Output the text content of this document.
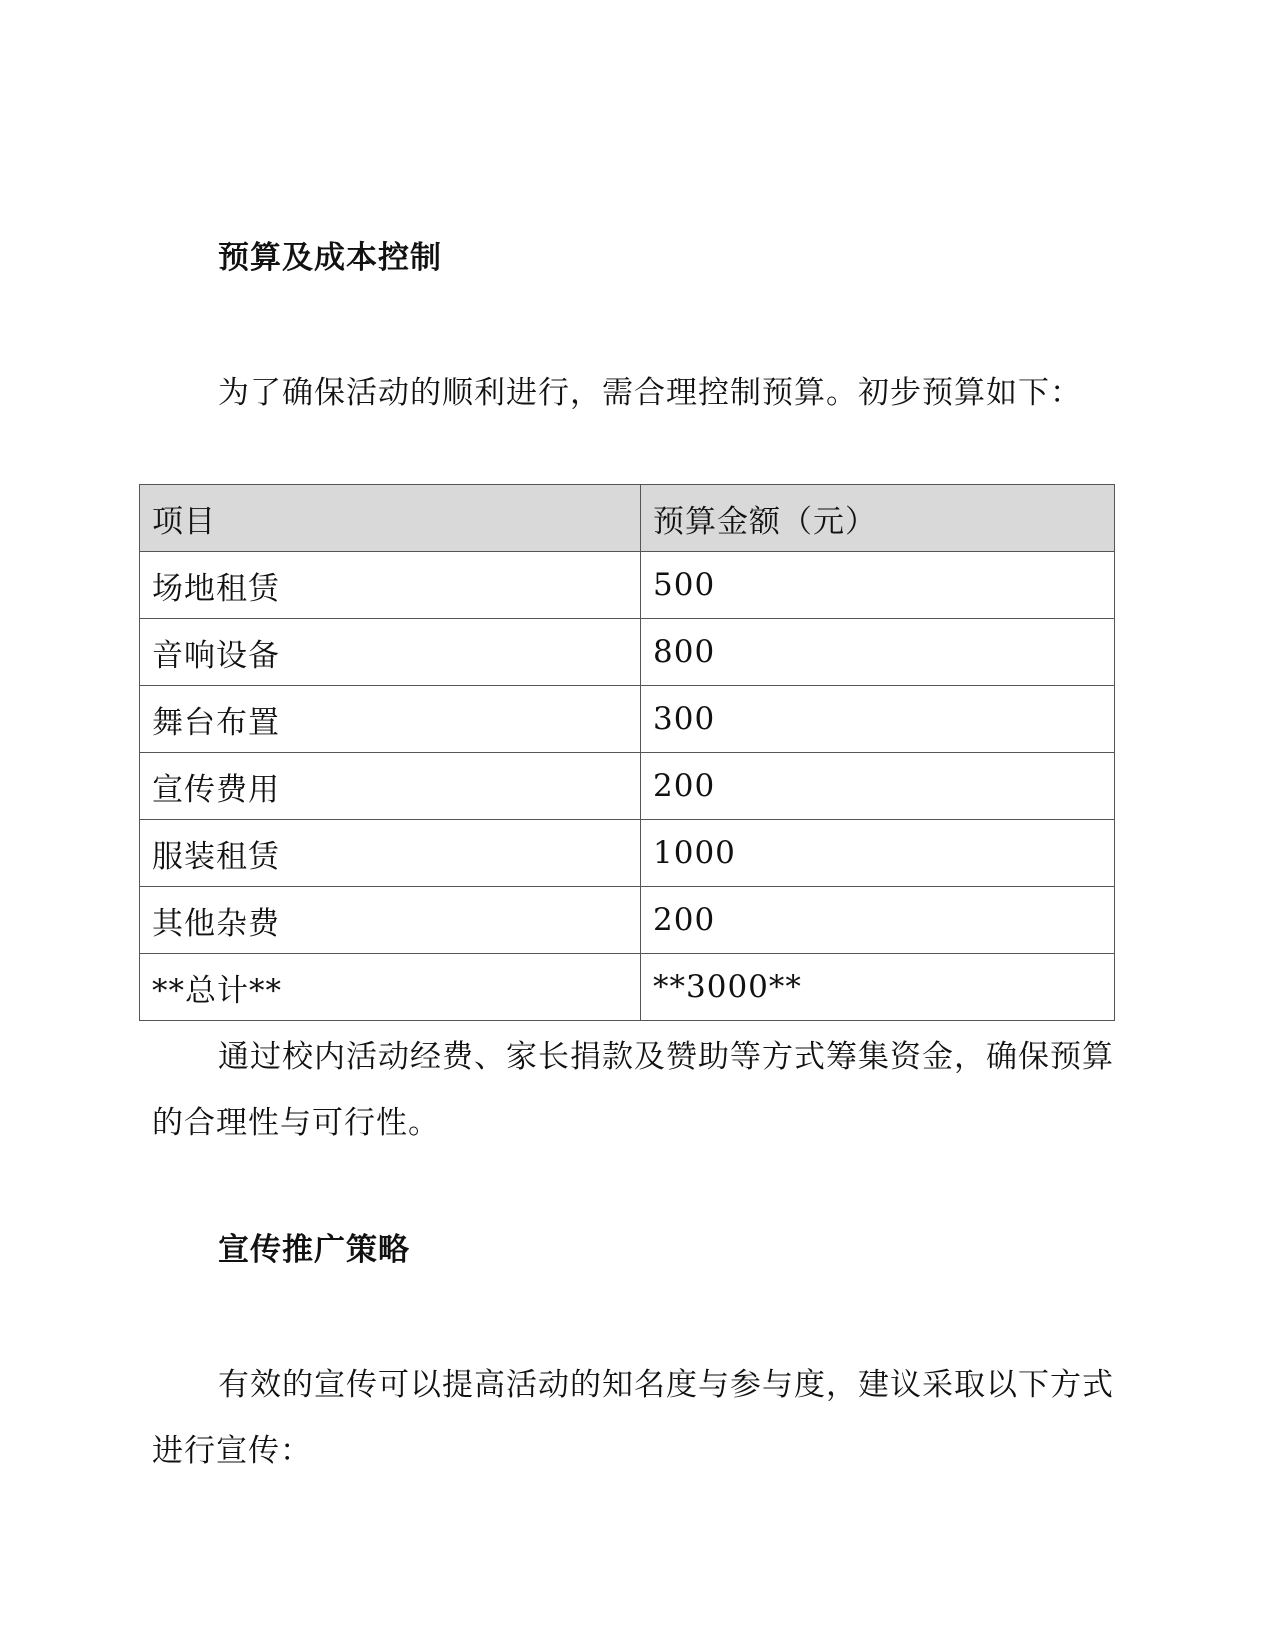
预算及成本控制

为了确保活动的顺利进行，需合理控制预算。初步预算如下：

项目	预算金额（元）
场地租赁	500
音响设备	800
舞台布置	300
宣传费用	200
服装租赁	1000
其他杂费	200
**总计**	**3000**

通过校内活动经费、家长捐款及赞助等方式筹集资金，确保预算的合理性与可行性。

宣传推广策略

有效的宣传可以提高活动的知名度与参与度，建议采取以下方式进行宣传：
